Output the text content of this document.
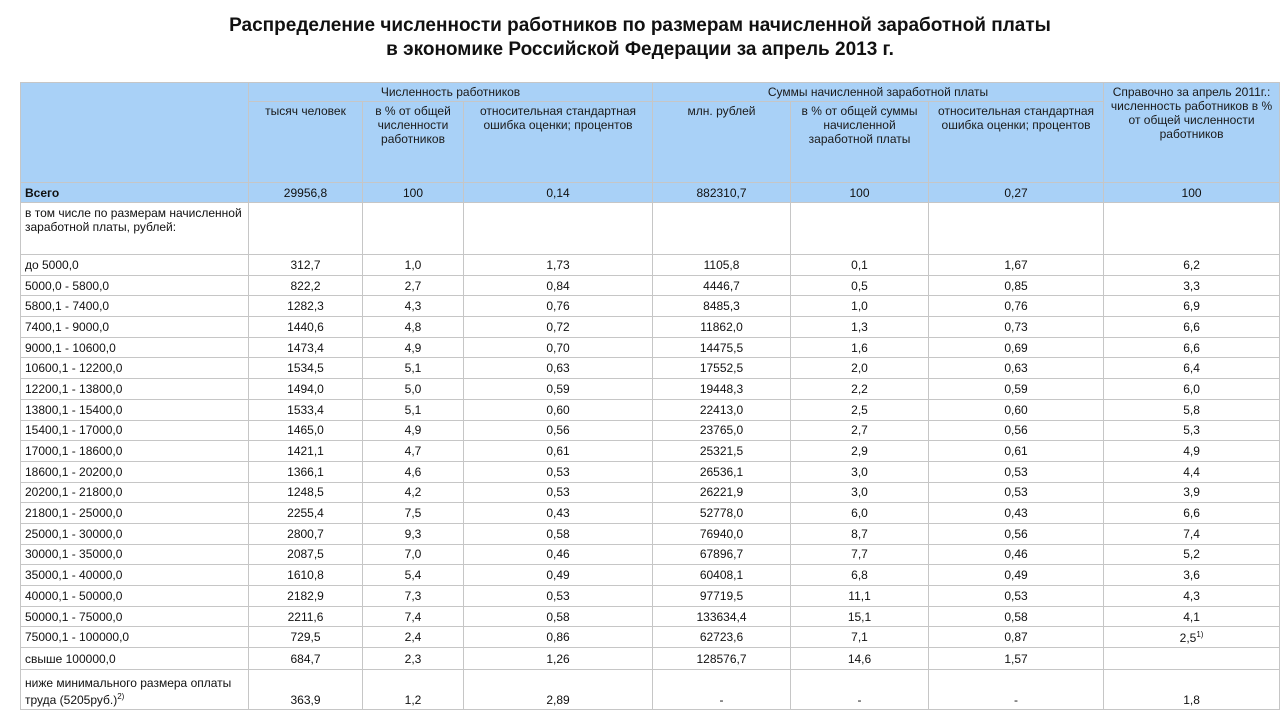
Распределение численности работников по размерам начисленной заработной платы
в экономике Российской Федерации за апрель 2013 г.
	Численность работников			Суммы начисленной заработной платы			Справочно за апрель 2011г.: численность работников в % от общей численности работников
	тысяч человек	в % от общей численности работников	относительная стандартная ошибка оценки; процентов	млн. рублей	в % от общей суммы начисленной заработной платы	относительная стандартная ошибка оценки; процентов	
Всего	29956,8	100	0,14	882310,7	100	0,27	100
в том числе по размерам начисленной заработной платы, рублей:							
до 5000,0	312,7	1,0	1,73	1105,8	0,1	1,67	6,2
5000,0 - 5800,0	822,2	2,7	0,84	4446,7	0,5	0,85	3,3
5800,1 - 7400,0	1282,3	4,3	0,76	8485,3	1,0	0,76	6,9
7400,1 - 9000,0	1440,6	4,8	0,72	11862,0	1,3	0,73	6,6
9000,1 - 10600,0	1473,4	4,9	0,70	14475,5	1,6	0,69	6,6
10600,1 - 12200,0	1534,5	5,1	0,63	17552,5	2,0	0,63	6,4
12200,1 - 13800,0	1494,0	5,0	0,59	19448,3	2,2	0,59	6,0
13800,1 - 15400,0	1533,4	5,1	0,60	22413,0	2,5	0,60	5,8
15400,1 - 17000,0	1465,0	4,9	0,56	23765,0	2,7	0,56	5,3
17000,1 - 18600,0	1421,1	4,7	0,61	25321,5	2,9	0,61	4,9
18600,1 - 20200,0	1366,1	4,6	0,53	26536,1	3,0	0,53	4,4
20200,1 - 21800,0	1248,5	4,2	0,53	26221,9	3,0	0,53	3,9
21800,1 - 25000,0	2255,4	7,5	0,43	52778,0	6,0	0,43	6,6
25000,1 - 30000,0	2800,7	9,3	0,58	76940,0	8,7	0,56	7,4
30000,1 - 35000,0	2087,5	7,0	0,46	67896,7	7,7	0,46	5,2
35000,1 - 40000,0	1610,8	5,4	0,49	60408,1	6,8	0,49	3,6
40000,1 - 50000,0	2182,9	7,3	0,53	97719,5	11,1	0,53	4,3
50000,1 - 75000,0	2211,6	7,4	0,58	133634,4	15,1	0,58	4,1
75000,1 - 100000,0	729,5	2,4	0,86	62723,6	7,1	0,87	2,5$^{1)}$
свыше 100000,0	684,7	2,3	1,26	128576,7	14,6	1,57	
ниже минимального размера оплаты труда $(5205руб.)^{2)}$	363,9	1,2	2,89	-	-	-	1,8
